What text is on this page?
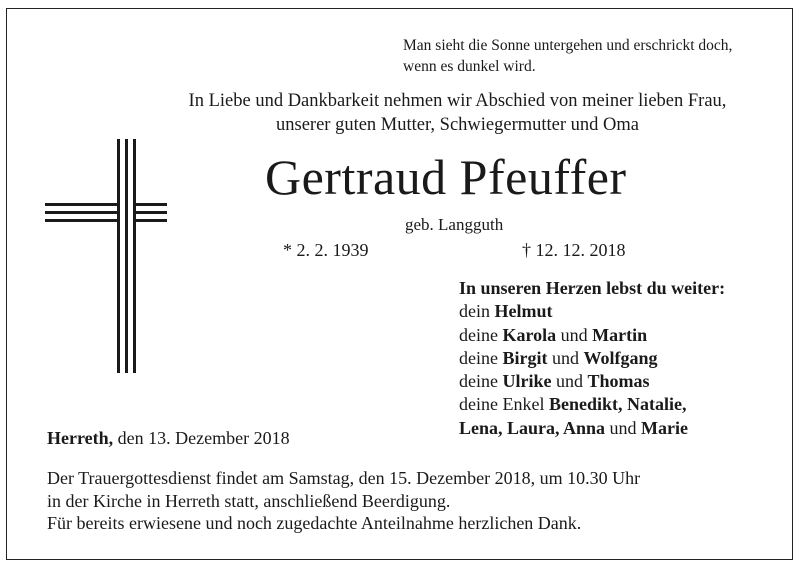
Man sieht die Sonne untergehen und erschrickt doch,
wenn es dunkel wird.
In Liebe und Dankbarkeit nehmen wir Abschied von meiner lieben Frau,
unserer guten Mutter, Schwiegermutter und Oma
Gertraud Pfeuffer
geb. Langguth
* 2. 2. 1939	† 12. 12. 2018
In unseren Herzen lebst du weiter:
dein Helmut
deine Karola und Martin
deine Birgit und Wolfgang
deine Ulrike und Thomas
deine Enkel Benedikt, Natalie,
Lena, Laura, Anna und Marie
Herreth, den 13. Dezember 2018
Der Trauergottesdienst findet am Samstag, den 15. Dezember 2018, um 10.30 Uhr
in der Kirche in Herreth statt, anschließend Beerdigung.
Für bereits erwiesene und noch zugedachte Anteilnahme herzlichen Dank.
